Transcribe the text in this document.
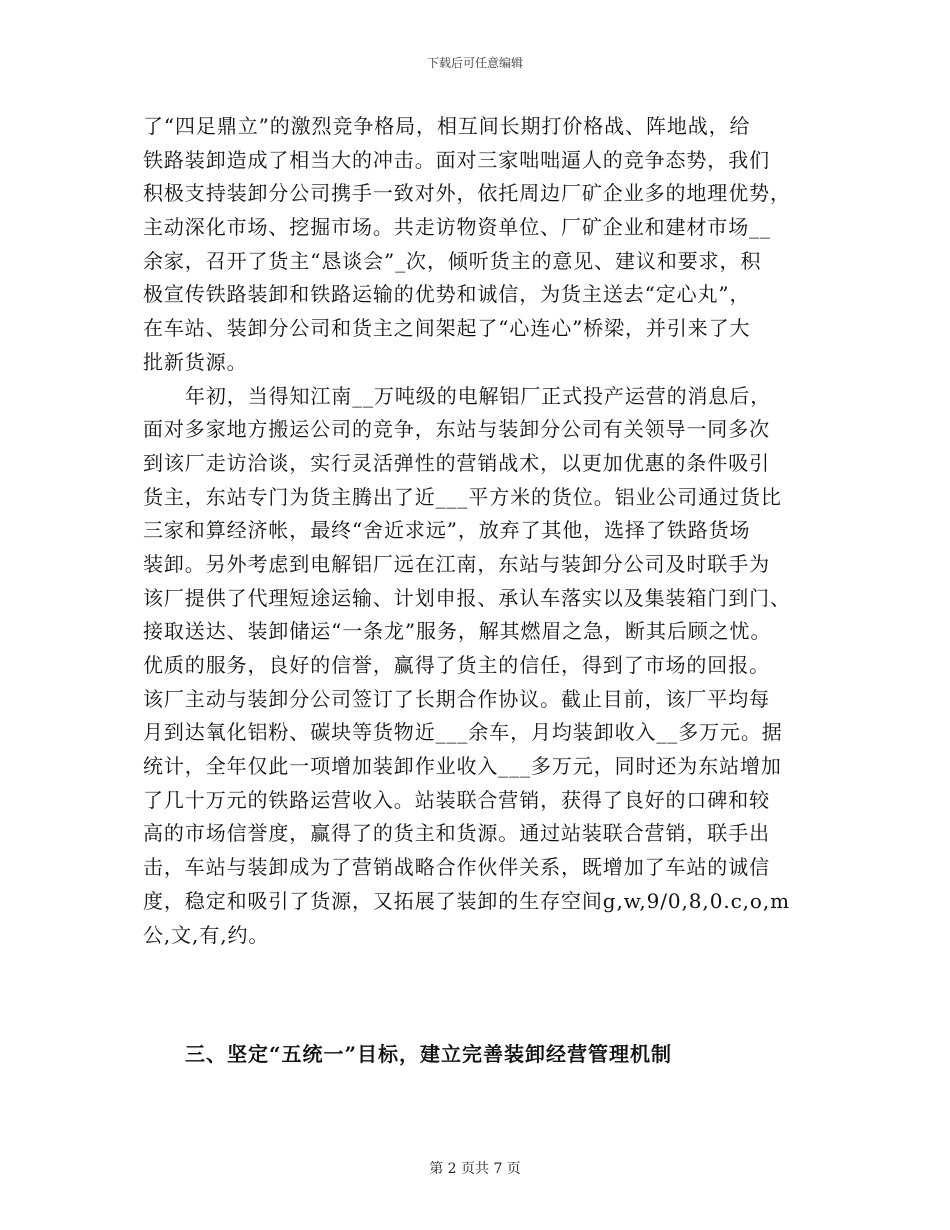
下载后可任意编辑
了“四足鼎立”的激烈竞争格局，相互间长期打价格战、阵地战，给
铁路装卸造成了相当大的冲击。面对三家咄咄逼人的竞争态势，我们
积极支持装卸分公司携手一致对外，依托周边厂矿企业多的地理优势，
主动深化市场、挖掘市场。共走访物资单位、厂矿企业和建材市场__
余家，召开了货主“恳谈会”_次，倾听货主的意见、建议和要求，积
极宣传铁路装卸和铁路运输的优势和诚信，为货主送去“定心丸”，
在车站、装卸分公司和货主之间架起了“心连心”桥梁，并引来了大
批新货源。
年初，当得知江南__万吨级的电解铝厂正式投产运营的消息后，
面对多家地方搬运公司的竞争，东站与装卸分公司有关领导一同多次
到该厂走访洽谈，实行灵活弹性的营销战术，以更加优惠的条件吸引
货主，东站专门为货主腾出了近___平方米的货位。铝业公司通过货比
三家和算经济帐，最终“舍近求远”，放弃了其他，选择了铁路货场
装卸。另外考虑到电解铝厂远在江南，东站与装卸分公司及时联手为
该厂提供了代理短途运输、计划申报、承认车落实以及集装箱门到门、
接取送达、装卸储运“一条龙”服务，解其燃眉之急，断其后顾之忧。
优质的服务，良好的信誉，赢得了货主的信任，得到了市场的回报。
该厂主动与装卸分公司签订了长期合作协议。截止目前，该厂平均每
月到达氧化铝粉、碳块等货物近___余车，月均装卸收入__多万元。据
统计，全年仅此一项增加装卸作业收入___多万元，同时还为东站增加
了几十万元的铁路运营收入。站装联合营销，获得了良好的口碑和较
高的市场信誉度，赢得了的货主和货源。通过站装联合营销，联手出
击，车站与装卸成为了营销战略合作伙伴关系，既增加了车站的诚信
度，稳定和吸引了货源，又拓展了装卸的生存空间g,w,9/0,8,0.c,o,m
公,文,有,约。
三、坚定“五统一”目标，建立完善装卸经营管理机制
第 2 页共 7 页
